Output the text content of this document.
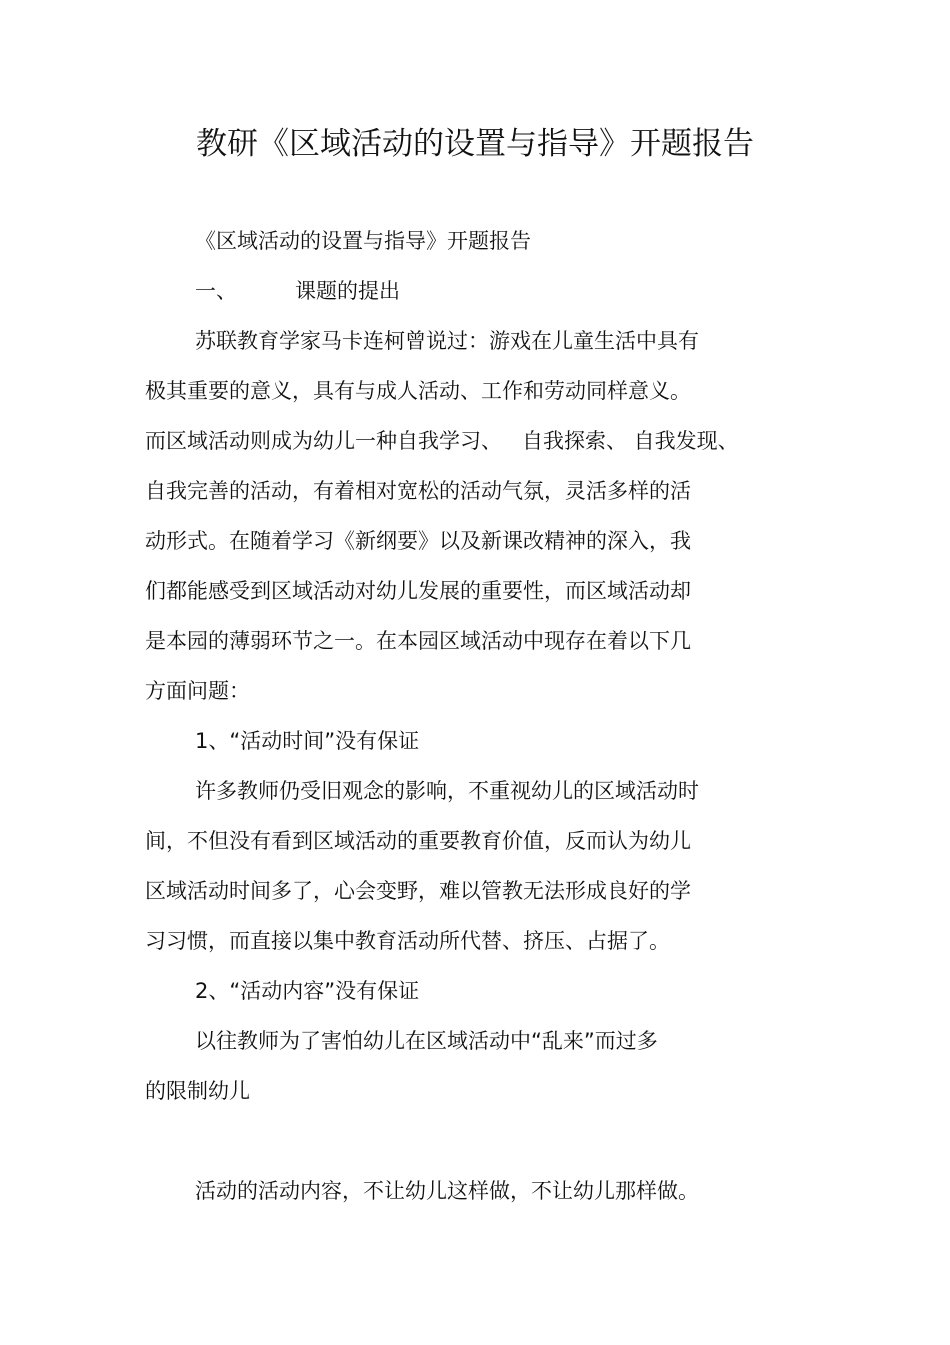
教研《区域活动的设置与指导》开题报告

《区域活动的设置与指导》开题报告

一、	课题的提出

苏联教育学家马卡连柯曾说过：游戏在儿童生活中具有

极其重要的意义，具有与成人活动、工作和劳动同样意义。

而区域活动则成为幼儿一种自我学习、 自我探索、 自我发现、

自我完善的活动，有着相对宽松的活动气氛，灵活多样的活

动形式。在随着学习《新纲要》以及新课改精神的深入，我

们都能感受到区域活动对幼儿发展的重要性，而区域活动却

是本园的薄弱环节之一。在本园区域活动中现存在着以下几

方面问题：

1、“活动时间”没有保证

许多教师仍受旧观念的影响，不重视幼儿的区域活动时

间，不但没有看到区域活动的重要教育价值，反而认为幼儿

区域活动时间多了，心会变野，难以管教无法形成良好的学

习习惯，而直接以集中教育活动所代替、挤压、占据了。

2、“活动内容”没有保证

以往教师为了害怕幼儿在区域活动中“乱来”而过多

的限制幼儿

活动的活动内容，不让幼儿这样做，不让幼儿那样做。
